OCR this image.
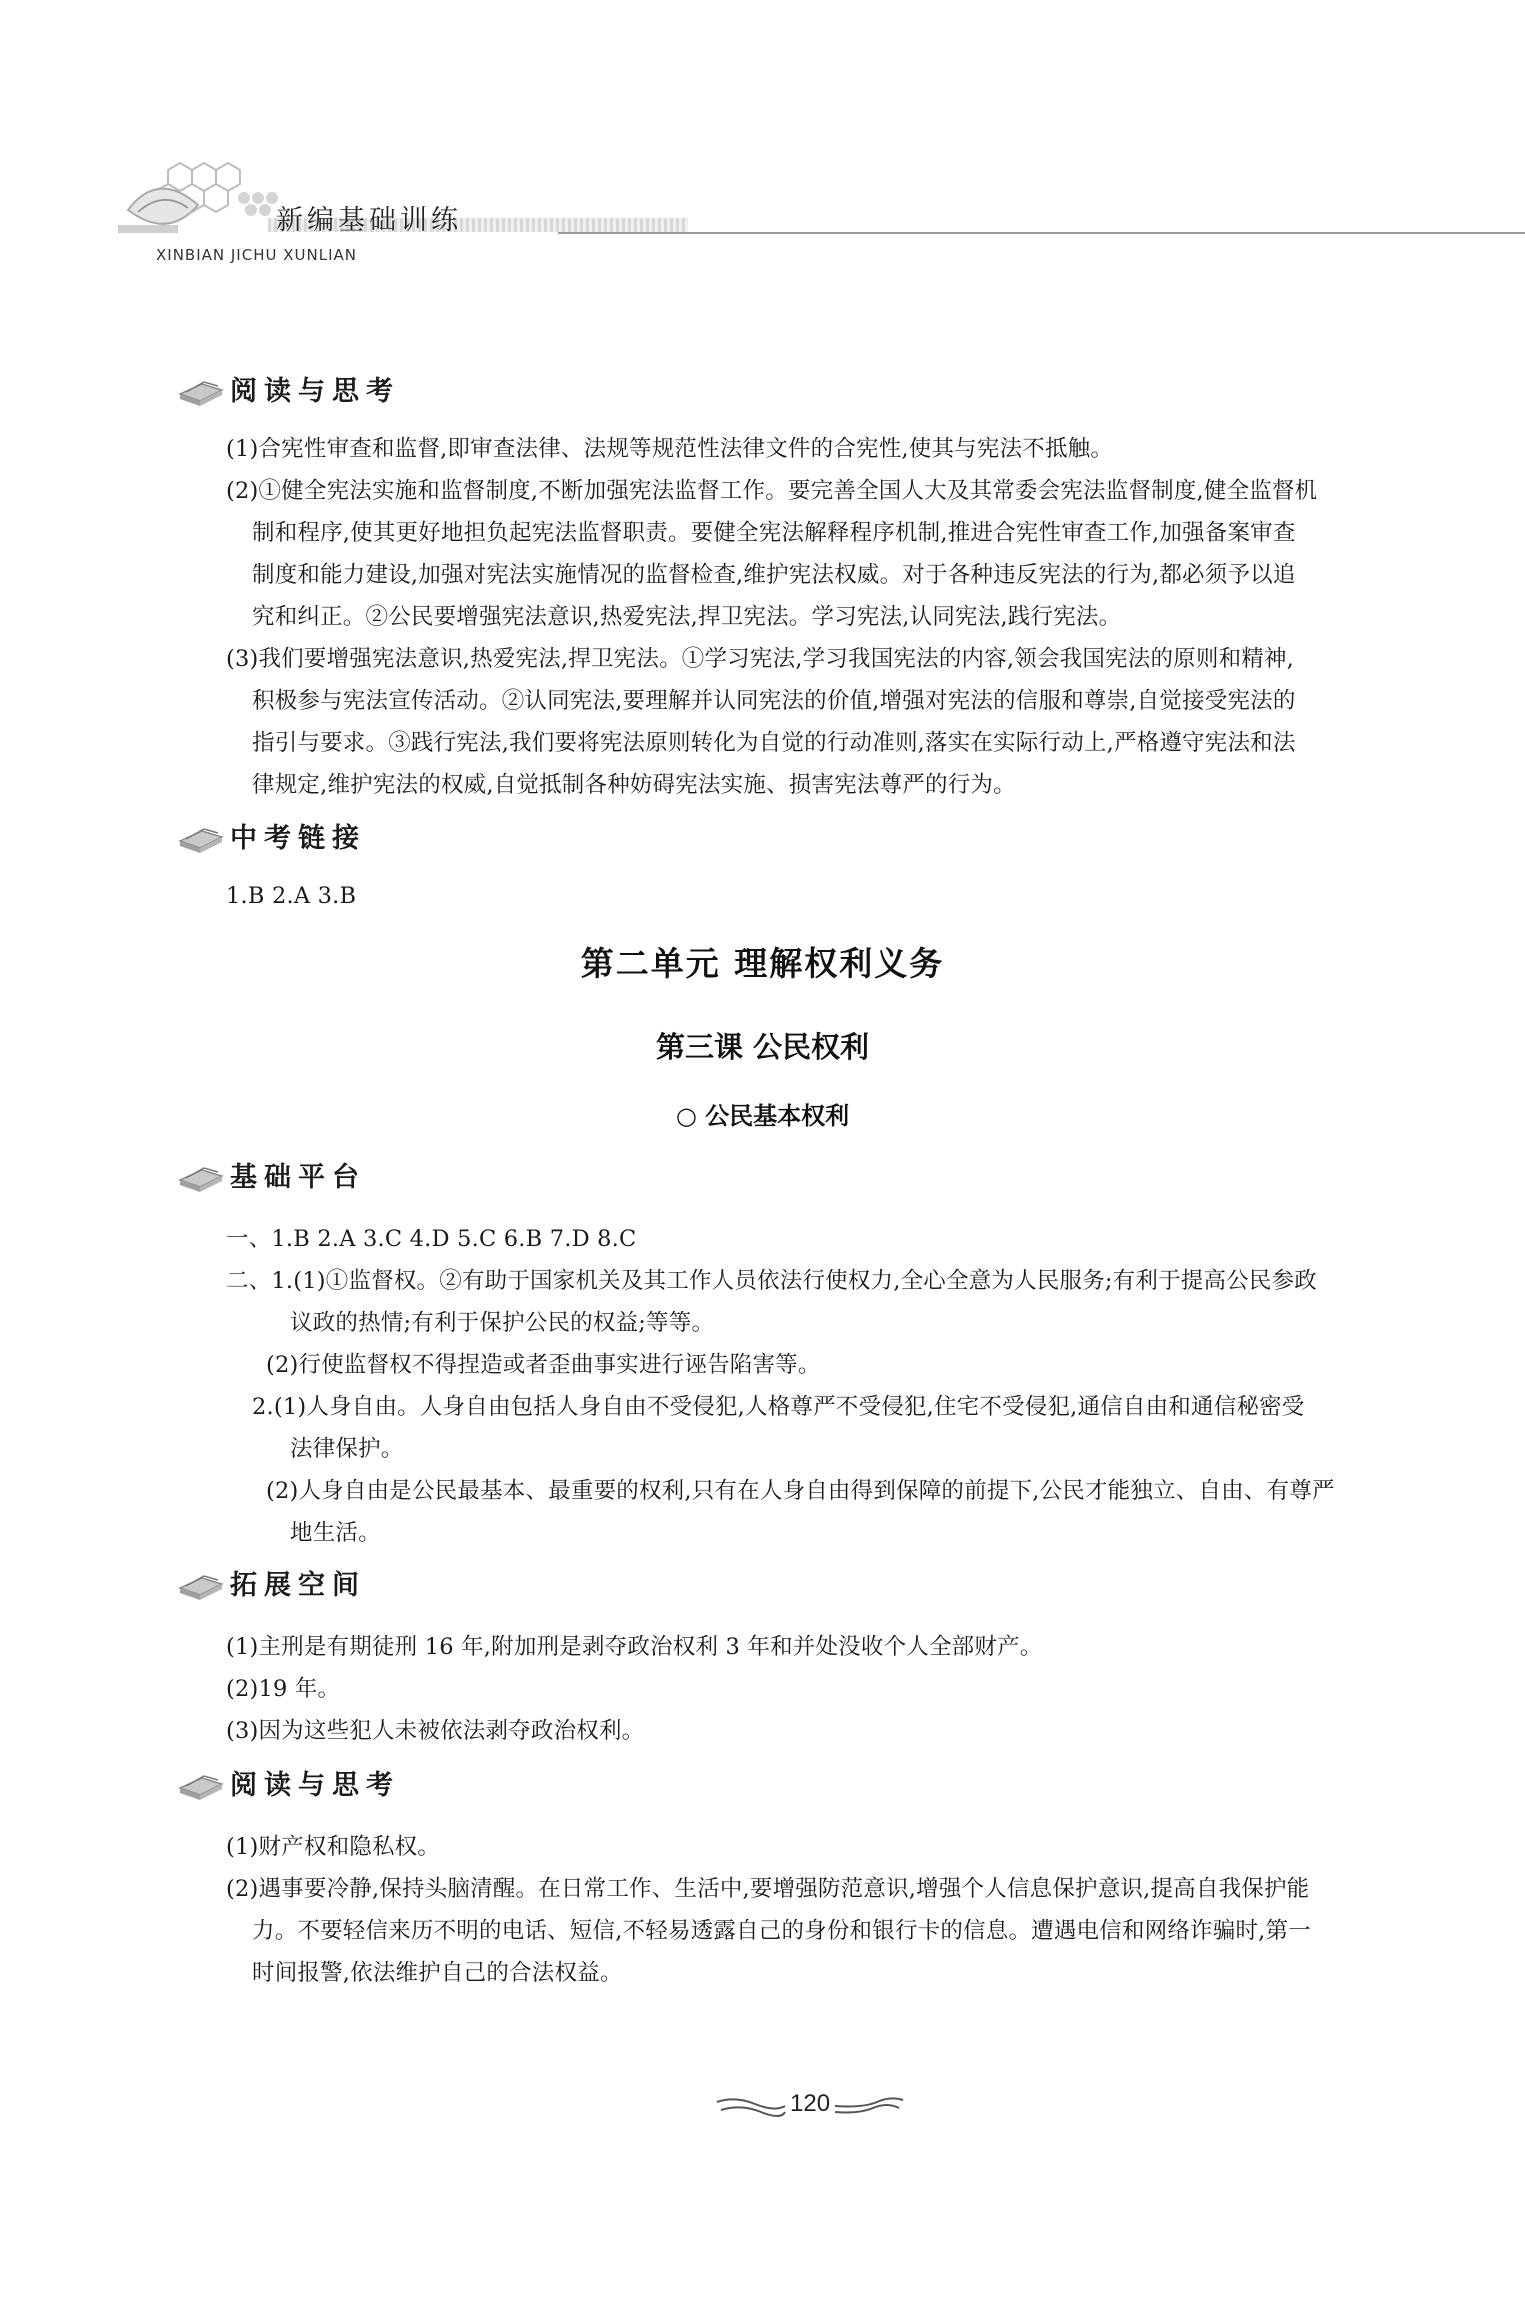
新编基础训练
XINBIAN JICHU XUNLIAN
阅读与思考
(1)合宪性审查和监督,即审查法律、法规等规范性法律文件的合宪性,使其与宪法不抵触。
(2)①健全宪法实施和监督制度,不断加强宪法监督工作。要完善全国人大及其常委会宪法监督制度,健全监督机
制和程序,使其更好地担负起宪法监督职责。要健全宪法解释程序机制,推进合宪性审查工作,加强备案审查
制度和能力建设,加强对宪法实施情况的监督检查,维护宪法权威。对于各种违反宪法的行为,都必须予以追
究和纠正。②公民要增强宪法意识,热爱宪法,捍卫宪法。学习宪法,认同宪法,践行宪法。
(3)我们要增强宪法意识,热爱宪法,捍卫宪法。①学习宪法,学习我国宪法的内容,领会我国宪法的原则和精神,
积极参与宪法宣传活动。②认同宪法,要理解并认同宪法的价值,增强对宪法的信服和尊崇,自觉接受宪法的
指引与要求。③践行宪法,我们要将宪法原则转化为自觉的行动准则,落实在实际行动上,严格遵守宪法和法
律规定,维护宪法的权威,自觉抵制各种妨碍宪法实施、损害宪法尊严的行为。
中考链接
1.B 2.A 3.B
第二单元 理解权利义务
第三课 公民权利
○ 公民基本权利
基础平台
一、1.B 2.A 3.C 4.D 5.C 6.B 7.D 8.C
二、1.(1)①监督权。②有助于国家机关及其工作人员依法行使权力,全心全意为人民服务;有利于提高公民参政
议政的热情;有利于保护公民的权益;等等。
(2)行使监督权不得捏造或者歪曲事实进行诬告陷害等。
2.(1)人身自由。人身自由包括人身自由不受侵犯,人格尊严不受侵犯,住宅不受侵犯,通信自由和通信秘密受
法律保护。
(2)人身自由是公民最基本、最重要的权利,只有在人身自由得到保障的前提下,公民才能独立、自由、有尊严
地生活。
拓展空间
(1)主刑是有期徒刑 16 年,附加刑是剥夺政治权利 3 年和并处没收个人全部财产。
(2)19 年。
(3)因为这些犯人未被依法剥夺政治权利。
阅读与思考
(1)财产权和隐私权。
(2)遇事要冷静,保持头脑清醒。在日常工作、生活中,要增强防范意识,增强个人信息保护意识,提高自我保护能
力。不要轻信来历不明的电话、短信,不轻易透露自己的身份和银行卡的信息。遭遇电信和网络诈骗时,第一
时间报警,依法维护自己的合法权益。
120
